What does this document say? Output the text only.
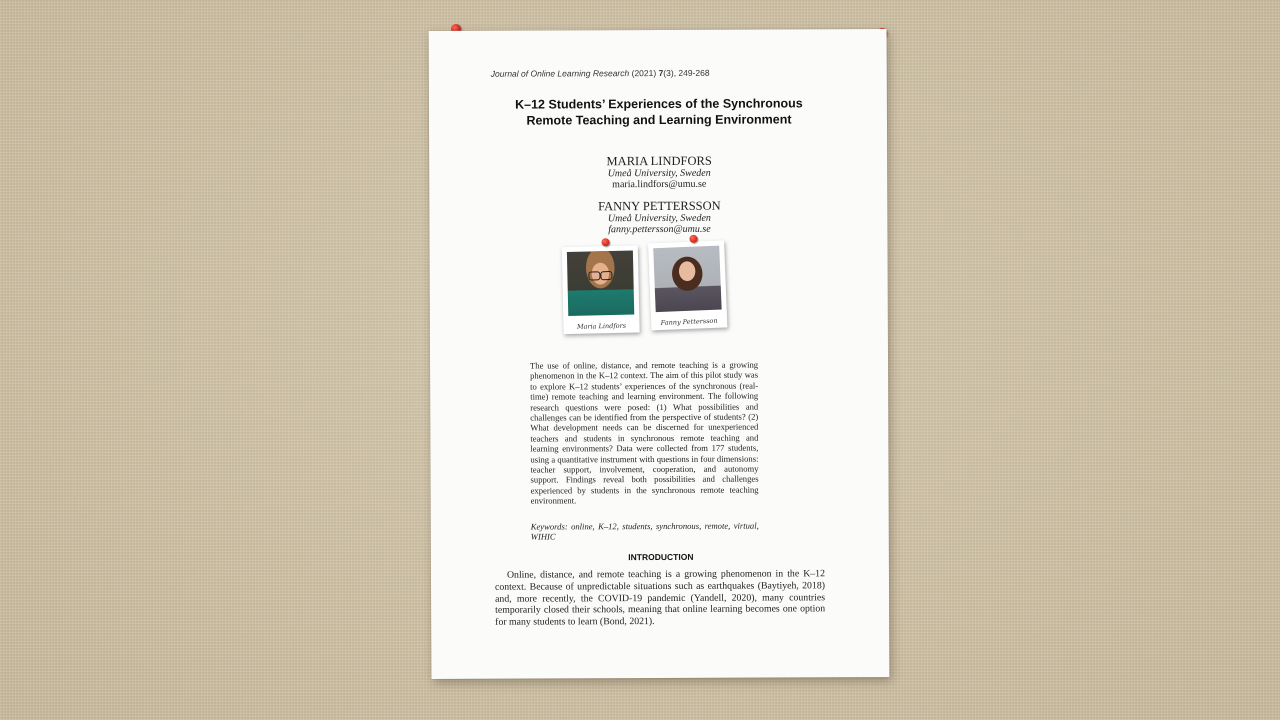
Journal of Online Learning Research (2021) 7(3), 249-268
K–12 Students’ Experiences of the Synchronous
Remote Teaching and Learning Environment
MARIA LINDFORS
Umeå University, Sweden
maria.lindfors@umu.se
FANNY PETTERSSON
Umeå University, Sweden
fanny.pettersson@umu.se
Maria Lindfors	Fanny Pettersson
The use of online, distance, and remote teaching is a growing phenomenon in the K–12 context. The aim of this pilot study was to explore K–12 students’ experiences of the synchronous (real-time) remote teaching and learning environment. The following research questions were posed: (1) What possibilities and challenges can be identified from the perspective of students? (2) What development needs can be discerned for unexperienced teachers and students in synchronous remote teaching and learning environments? Data were collected from 177 students, using a quantitative instrument with questions in four dimensions: teacher support, involvement, cooperation, and autonomy support. Findings reveal both possibilities and challenges experienced by students in the synchronous remote teaching environment.
Keywords: online, K–12, students, synchronous, remote, virtual, WIHIC
INTRODUCTION
Online, distance, and remote teaching is a growing phenomenon in the K–12 context. Because of unpredictable situations such as earthquakes (Baytiyeh, 2018) and, more recently, the COVID-19 pandemic (Yandell, 2020), many countries temporarily closed their schools, meaning that online learning becomes one option for many students to learn (Bond, 2021).
